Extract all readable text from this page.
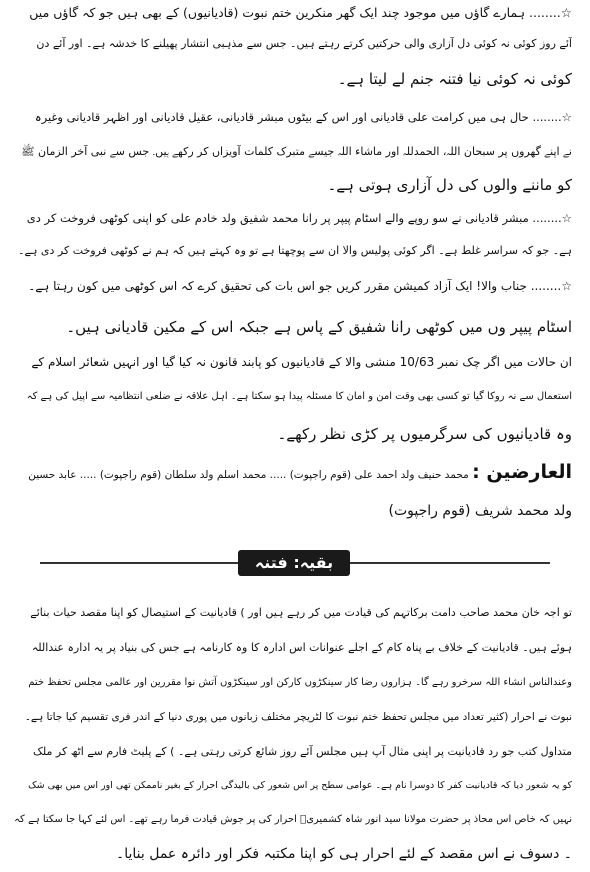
☆........ ہمارے گاؤں میں موجود چند ایک گھر منکرین ختم نبوت (قادیانیوں) کے بھی ہیں جو کہ گاؤں میں
آئے روز کوئی نہ کوئی دل آزاری والی حرکتیں کرتے رہتے ہیں۔ جس سے مذہبی انتشار پھیلنے کا خدشہ ہے۔ اور آئے دن
کوئی نہ کوئی نیا فتنہ جنم لے لیتا ہے۔
☆........ حال ہی میں کرامت علی قادیانی اور اس کے بیٹوں مبشر قادیانی، عقیل قادیانی اور اظہر قادیانی وغیرہ
نے اپنے گھروں پر سبحان اللہ، الحمدللہ اور ماشاء اللہ جیسے متبرک کلمات آویزاں کر رکھے ہیں۔ جس سے نبی آخر الزمان ﷺ
کو ماننے والوں کی دل آزاری ہوتی ہے۔
☆........ مبشر قادیانی نے سو روپے والے اسٹام پیپر پر رانا محمد شفیق ولد خادم علی کو اپنی کوٹھی فروخت کر دی
ہے۔ جو کہ سراسر غلط ہے۔ اگر کوئی پولیس والا ان سے پوچھتا ہے تو وہ کہتے ہیں کہ ہم نے کوٹھی فروخت کر دی ہے۔
☆........ جناب والا! ایک آزاد کمیشن مقرر کریں جو اس بات کی تحقیق کرے کہ اس کوٹھی میں کون رہتا ہے۔
اسٹام پیپر وں میں کوٹھی رانا شفیق کے پاس ہے جبکہ اس کے مکین قادیانی ہیں۔
ان حالات میں اگر چک نمبر 10/63 منشی والا کے قادیانیوں کو پابند قانون نہ کیا گیا اور انہیں شعائر اسلام کے
استعمال سے نہ روکا گیا تو کسی بھی وقت امن و امان کا مسئلہ پیدا ہو سکتا ہے۔ اہل علاقہ نے ضلعی انتظامیہ سے اپیل کی ہے کہ
وہ قادیانیوں کی سرگرمیوں پر کڑی نظر رکھے۔
العارضین : محمد حنیف ولد احمد علی (قوم راجپوت) ..... محمد اسلم ولد سلطان (قوم راجپوت) ..... عابد حسین
ولد محمد شریف (قوم راجپوت)
بقیہ: فتنہ قادیانیت
تو اجہ خان محمد صاحب دامت برکاتہم کی قیادت میں کر رہے ہیں اور ) قادیانیت کے استیصال کو اپنا مقصد حیات بنائے
ہوئے ہیں۔ قادیانیت کے خلاف بے پناہ کام کے اجلے عنوانات اس ادارہ کا وہ کارنامہ ہے جس کی بنیاد پر یہ ادارہ عنداللہ
وعندالناس انشاء اللہ سرخرو رہے گا۔ ہزاروں رضا کار سینکڑوں کارکن اور سینکڑوں آتش نوا مقررین اور عالمی مجلس تحفظ ختم
نبوت نے احرار (کثیر تعداد میں مجلس تحفظ ختم نبوت کا لٹریچر مختلف زبانوں میں پوری دنیا کے اندر فری تقسیم کیا جاتا ہے۔
متداول کتب جو رد قادیانیت پر اپنی مثال آپ ہیں مجلس آئے روز شائع کرتی رہتی ہے۔ ) کے پلیٹ فارم سے اٹھ کر ملک
کو یہ شعور دیا کہ قادیانیت کفر کا دوسرا نام ہے۔ عوامی سطح پر اس شعور کی بالیدگی احرار کے بغیر ناممکن تھی اور اس میں بھی شک
نہیں کہ خاص اس محاذ پر حضرت مولانا سید انور شاہ کشمیریؒ احرار کی پر جوش قیادت فرما رہے تھے۔ اس لئے کہا جا سکتا ہے کہ
۔ دسوف نے اس مقصد کے لئے احرار ہی کو اپنا مکتبہ فکر اور دائرہ عمل بنایا۔
